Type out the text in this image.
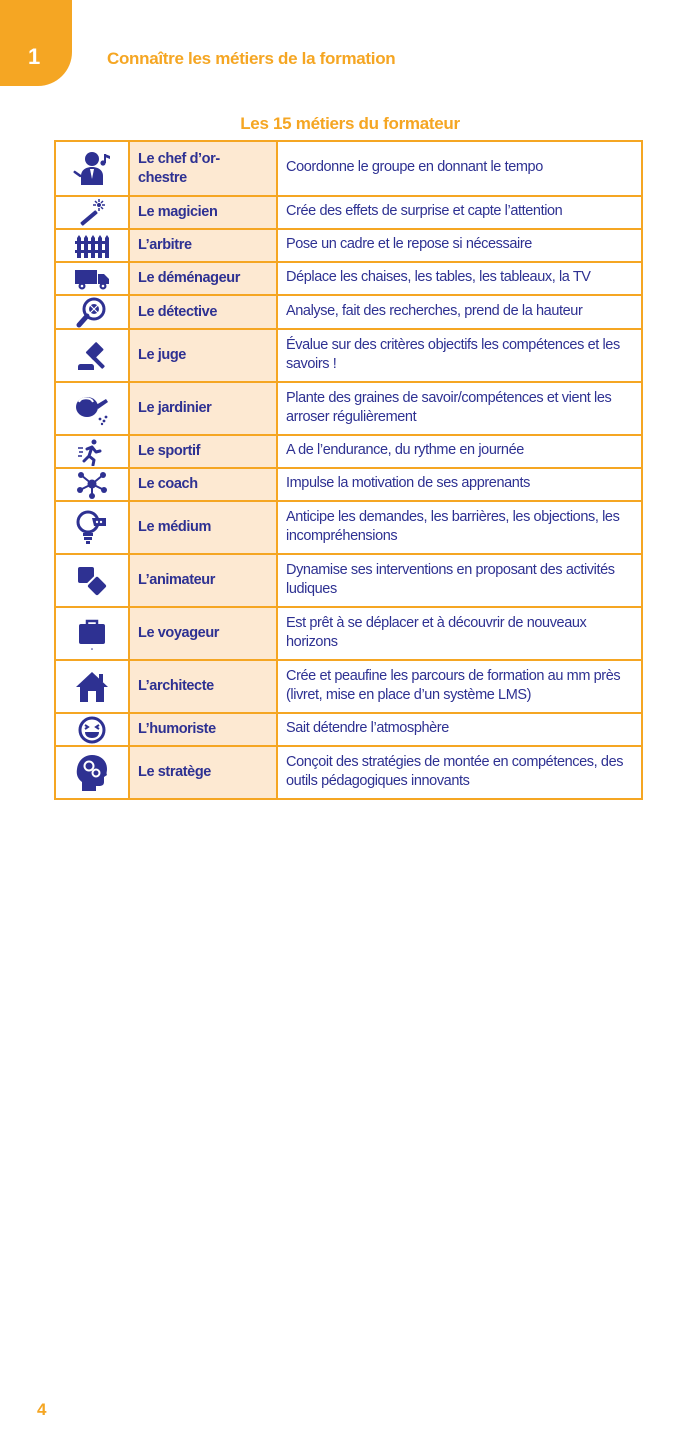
1	Connaître les métiers de la formation
Les 15 métiers du formateur
	Le chef d’or-chestre	Coordonne le groupe en donnant le tempo

	Le magicien	Crée des effets de surprise et capte l’attention

	L’arbitre	Pose un cadre et le repose si nécessaire

	Le déménageur	Déplace les chaises, les tables, les tableaux, la TV

	Le détective	Analyse, fait des recherches, prend de la hauteur

	Le juge	Évalue sur des critères objectifs les compétences et les savoirs !

	Le jardinier	Plante des graines de savoir/compétences et vient les arroser régulièrement

	Le sportif	A de l’endurance, du rythme en journée

	Le coach	Impulse la motivation de ses apprenants

	Le médium	Anticipe les demandes, les barrières, les objections, les incompréhensions

	L’animateur	Dynamise ses interventions en proposant des activités ludiques

	Le voyageur	Est prêt à se déplacer et à découvrir de nouveaux horizons

	L’architecte	Crée et peaufine les parcours de formation au mm près (livret, mise en place d’un système LMS)

	L’humoriste	Sait détendre l’atmosphère

	Le stratège	Conçoit des stratégies de montée en compétences, des outils pédagogiques innovants
4
